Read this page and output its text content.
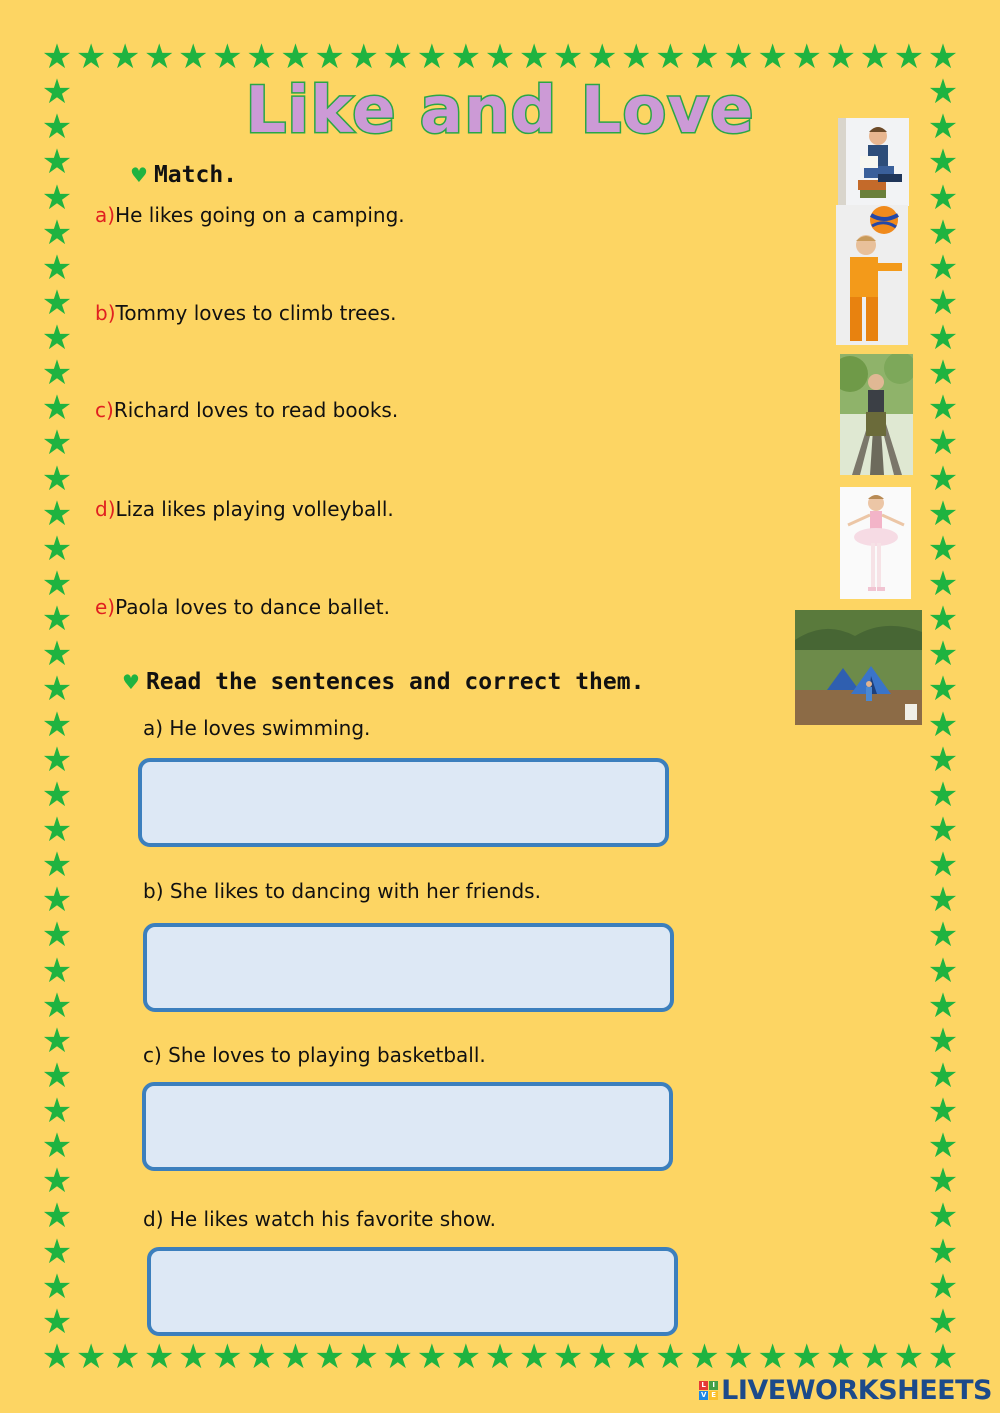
★
★
★
★
★
★
★
★
★
★
★
★
★
★
★
★
★
★
★
★
★
★
★
★
★
★
★
★
★
★
★
★
★
★
★
★
★
★
★
★
★
★
★
★
★
★
★
★
★
★
★
★
★
★
★	★
★	★
★	★
★	★
★	★
★	★
★	★
★	★
★	★
★	★
★	★
★	★
★	★
★	★
★	★
★	★
★	★
★	★
★	★
★	★
★	★
★	★
★	★
★	★
★	★
★	★
★	★
★	★
★	★
★	★
★	★
★	★
★	★
★	★
★	★
★	★
Like and Love
♥ Match.
a)He likes going on a camping.
b)Tommy loves to climb trees.
c)Richard loves to read books.
d)Liza likes playing volleyball.
e)Paola loves to dance ballet.
♥ Read the sentences and correct them.
a) He loves swimming.
b) She likes to dancing with her friends.
c) She loves to playing basketball.
d) He likes watch his favorite show.
L I
V E LIVEWORKSHEETS
